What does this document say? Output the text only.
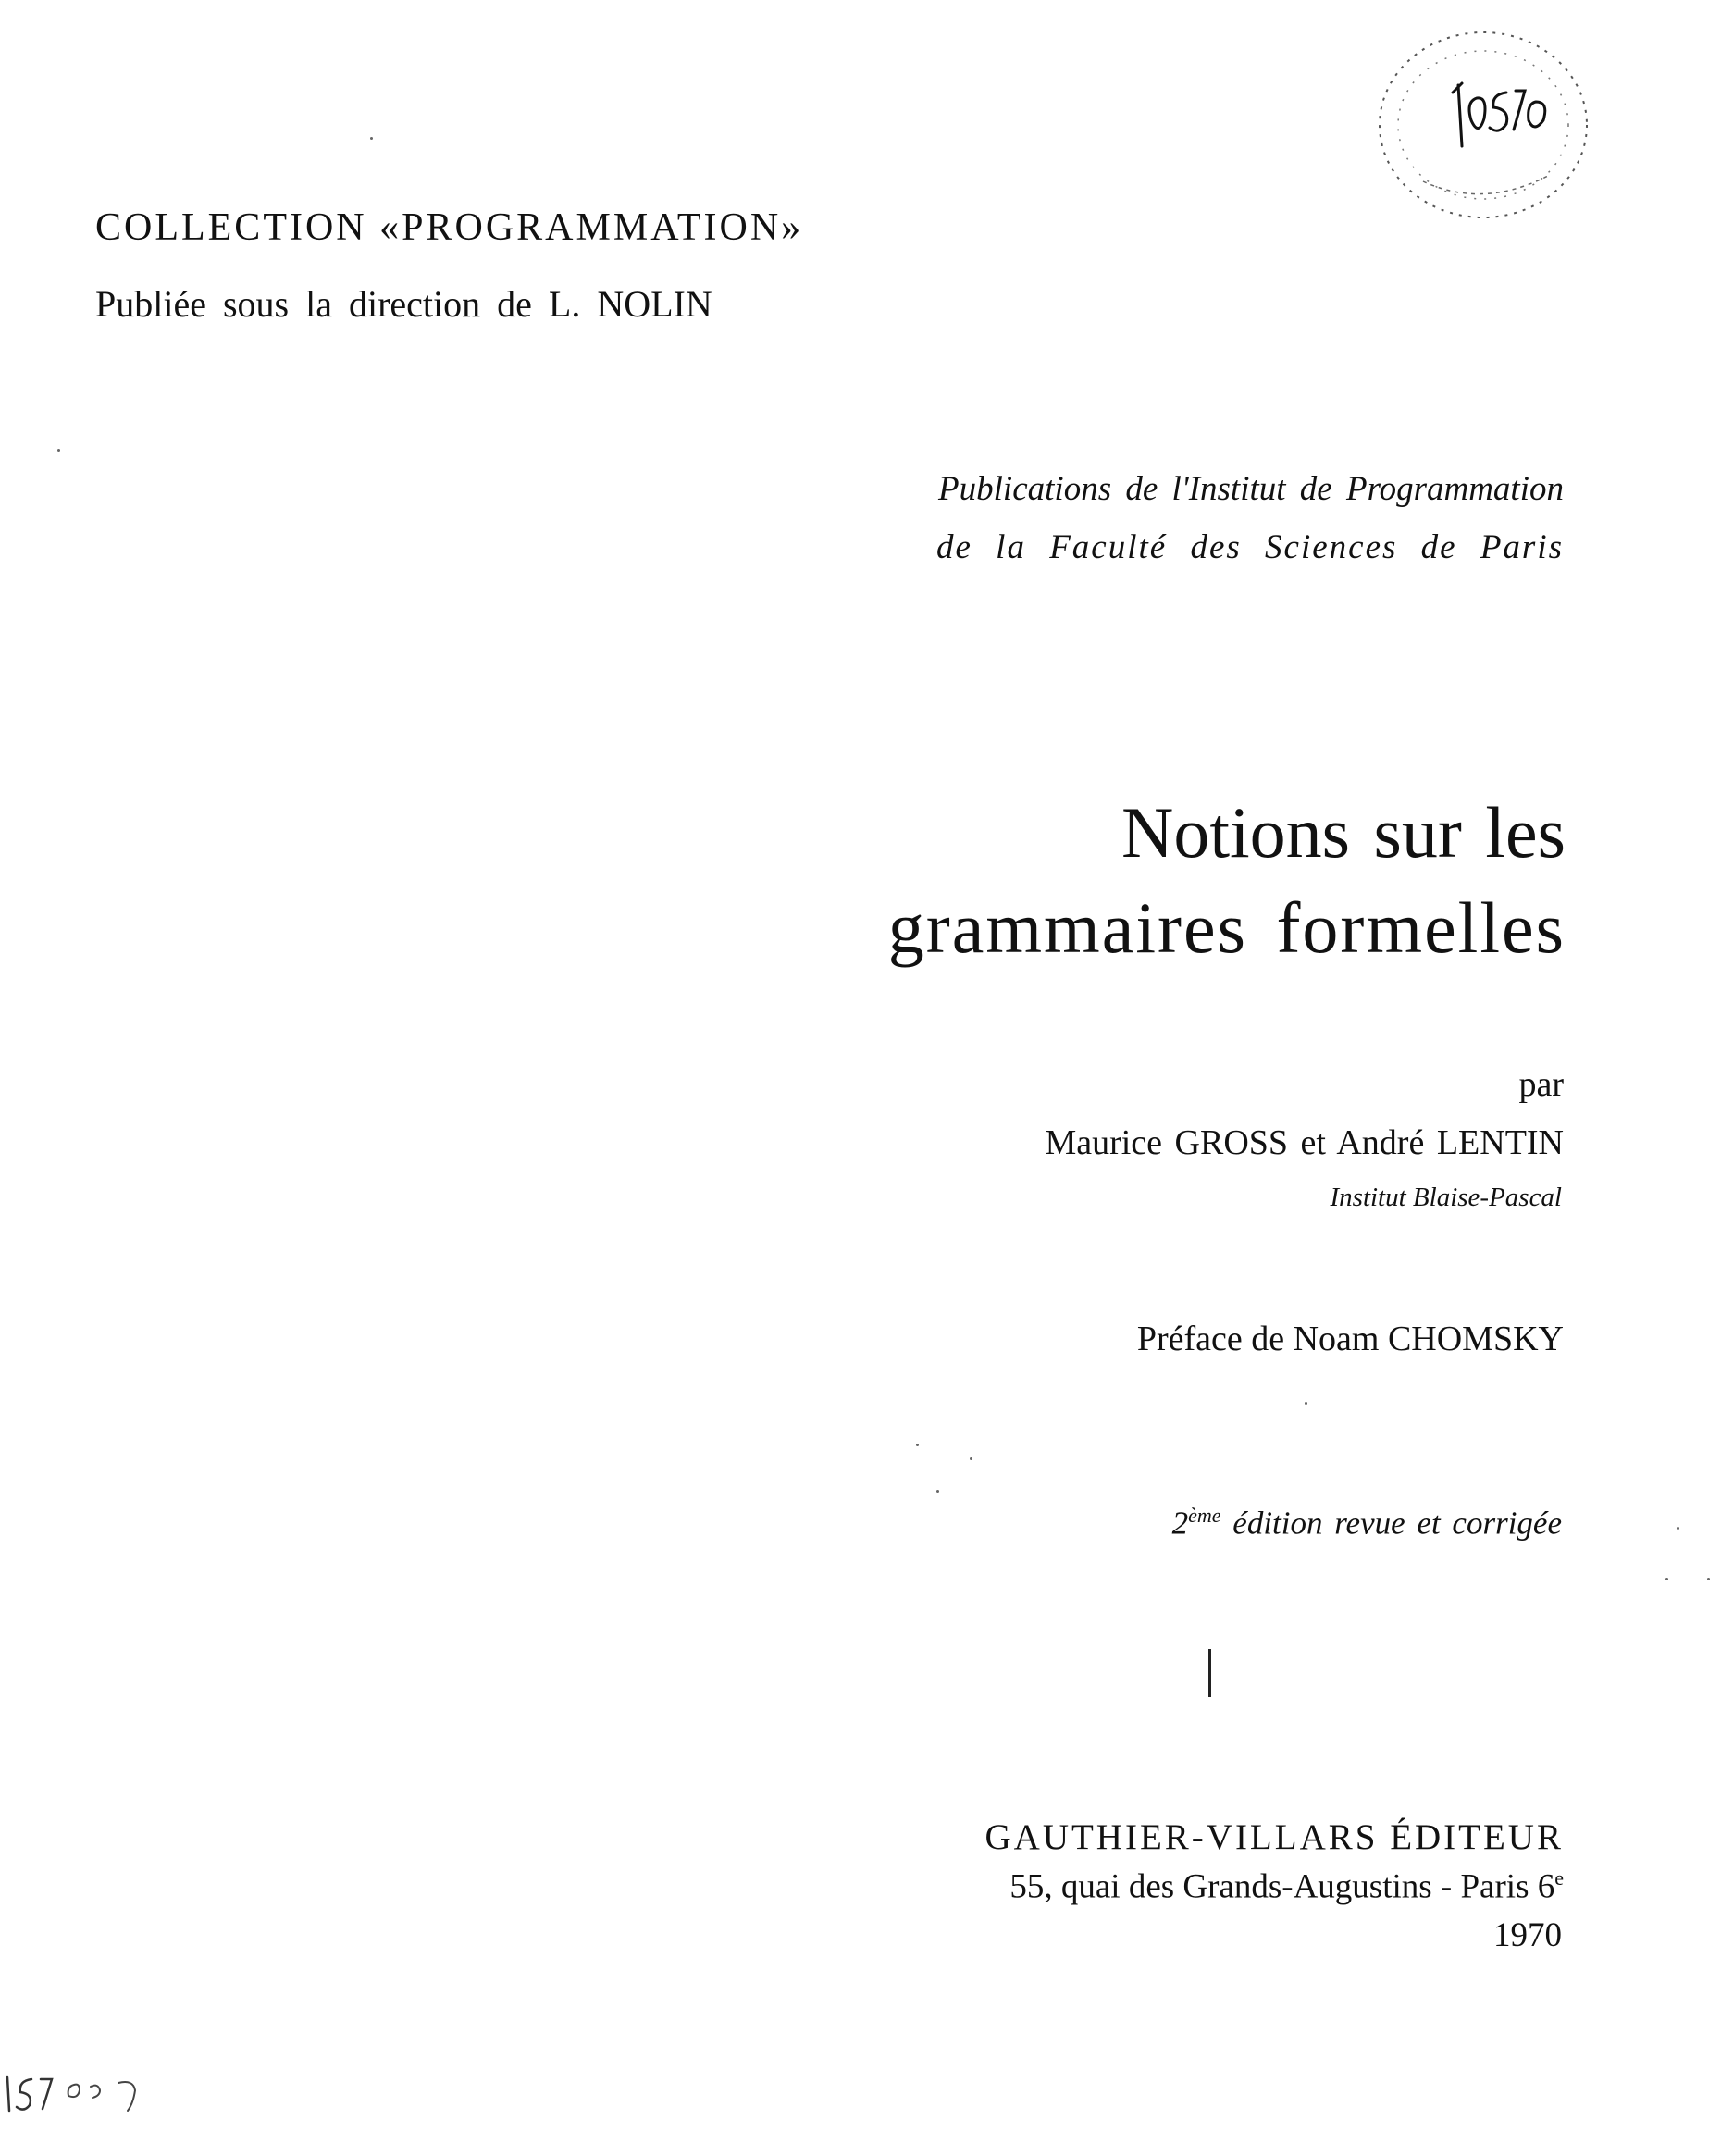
COLLECTION «PROGRAMMATION»

Publiée sous la direction de L. NOLIN

Publications de l'Institut de Programmation

de la Faculté des Sciences de Paris

Notions sur les
grammaires formelles

par

Maurice GROSS et André LENTIN

Institut Blaise-Pascal

Préface de Noam CHOMSKY

2ème édition revue et corrigée

GAUTHIER-VILLARS ÉDITEUR

55, quai des Grands-Augustins - Paris 6e

1970
